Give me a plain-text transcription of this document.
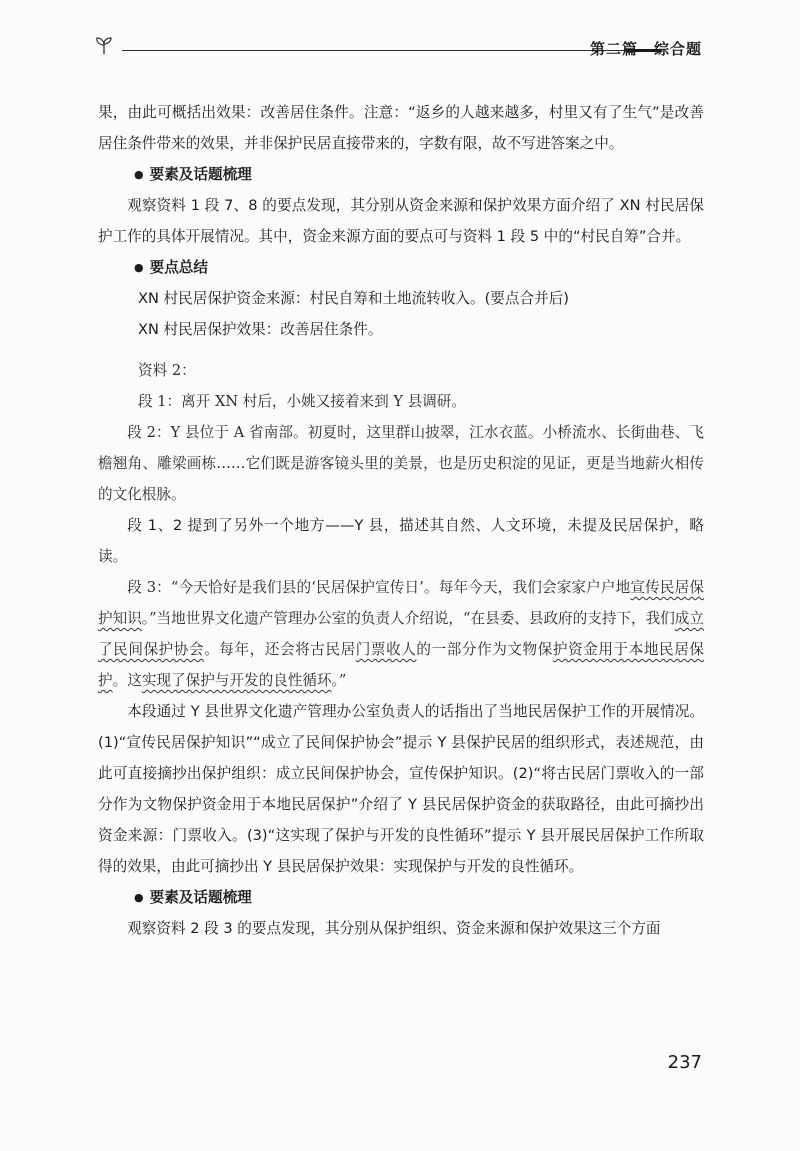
第二篇　综合题

果，由此可概括出效果：改善居住条件。注意：“返乡的人越来越多，村里又有了生气”是改善居住条件带来的效果，并非保护民居直接带来的，字数有限，故不写进答案之中。

● 要素及话题梳理

观察资料 1 段 7、8 的要点发现，其分别从资金来源和保护效果方面介绍了 XN 村民居保护工作的具体开展情况。其中，资金来源方面的要点可与资料 1 段 5 中的“村民自筹”合并。

● 要点总结

XN 村民居保护资金来源：村民自筹和土地流转收入。(要点合并后)

XN 村民居保护效果：改善居住条件。

资料 2：

段 1：离开 XN 村后，小姚又接着来到 Y 县调研。

段 2：Y 县位于 A 省南部。初夏时，这里群山披翠，江水衣蓝。小桥流水、长街曲巷、飞檐翘角、雕梁画栋……它们既是游客镜头里的美景，也是历史积淀的见证，更是当地薪火相传的文化根脉。

段 1、2 提到了另外一个地方——Y 县，描述其自然、人文环境，未提及民居保护，略读。

段 3：“今天恰好是我们县的‘民居保护宣传日’。每年今天，我们会家家户户地宣传民居保护知识。”当地世界文化遗产管理办公室的负责人介绍说，“在县委、县政府的支持下，我们成立了民间保护协会。每年，还会将古民居门票收人的一部分作为文物保护资金用于本地民居保护。这实现了保护与开发的良性循环。”

本段通过 Y 县世界文化遗产管理办公室负责人的话指出了当地民居保护工作的开展情况。(1)“宣传民居保护知识”“成立了民间保护协会”提示 Y 县保护民居的组织形式，表述规范，由此可直接摘抄出保护组织：成立民间保护协会，宣传保护知识。(2)“将古民居门票收入的一部分作为文物保护资金用于本地民居保护”介绍了 Y 县民居保护资金的获取路径，由此可摘抄出资金来源：门票收入。(3)“这实现了保护与开发的良性循环”提示 Y 县开展民居保护工作所取得的效果，由此可摘抄出 Y 县民居保护效果：实现保护与开发的良性循环。

● 要素及话题梳理

观察资料 2 段 3 的要点发现，其分别从保护组织、资金来源和保护效果这三个方面

237
